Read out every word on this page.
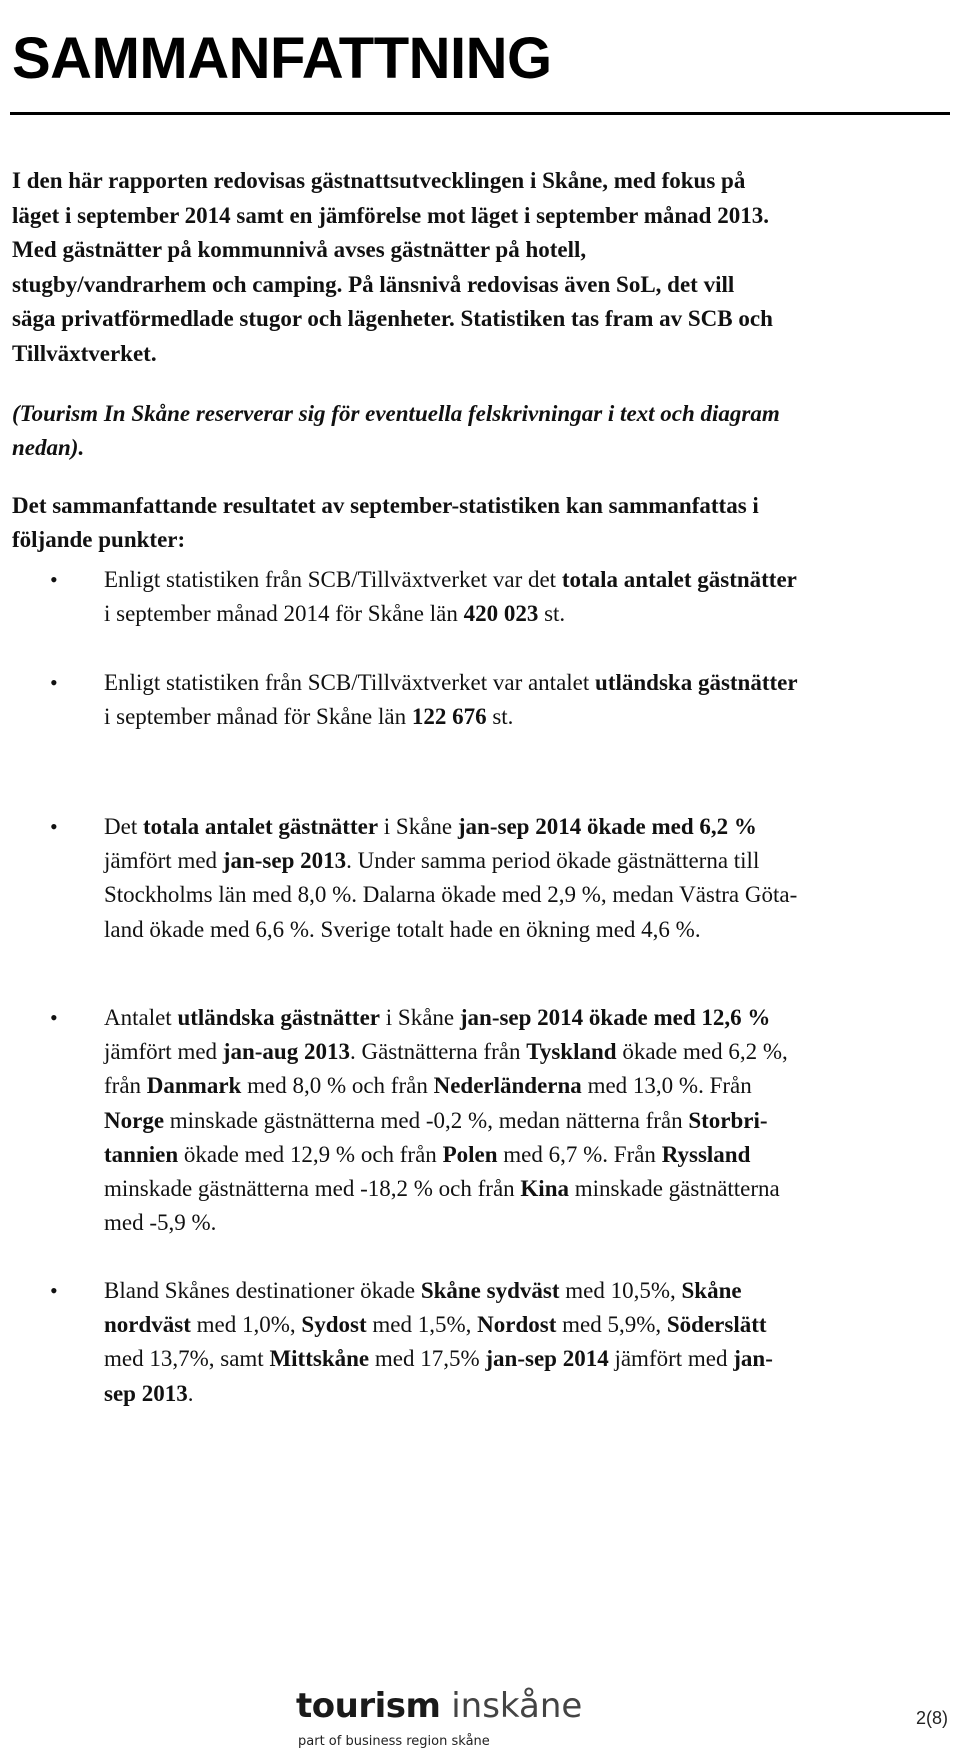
SAMMANFATTNING

I den här rapporten redovisas gästnattsutvecklingen i Skåne, med fokus på
läget i september 2014 samt en jämförelse mot läget i september månad 2013.
Med gästnätter på kommunnivå avses gästnätter på hotell,
stugby/vandrarhem och camping. På länsnivå redovisas även SoL, det vill
säga privatförmedlade stugor och lägenheter. Statistiken tas fram av SCB och
Tillväxtverket.

(Tourism In Skåne reserverar sig för eventuella felskrivningar i text och diagram
nedan).

Det sammanfattande resultatet av september-statistiken kan sammanfattas i
följande punkter:

•	Enligt statistiken från SCB/Tillväxtverket var det totala antalet gästnätter
i september månad 2014 för Skåne län 420 023 st.
•	Enligt statistiken från SCB/Tillväxtverket var antalet utländska gästnätter
i september månad för Skåne län 122 676 st.
•	Det totala antalet gästnätter i Skåne jan-sep 2014 ökade med 6,2 %
jämfört med jan-sep 2013. Under samma period ökade gästnätterna till
Stockholms län med 8,0 %. Dalarna ökade med 2,9 %, medan Västra Göta-
land ökade med 6,6 %. Sverige totalt hade en ökning med 4,6 %.
•	Antalet utländska gästnätter i Skåne jan-sep 2014 ökade med 12,6 %
jämfört med jan-aug 2013. Gästnätterna från Tyskland ökade med 6,2 %,
från Danmark med 8,0 % och från Nederländerna med 13,0 %. Från
Norge minskade gästnätterna med -0,2 %, medan nätterna från Storbri-
tannien ökade med 12,9 % och från Polen med 6,7 %. Från Ryssland
minskade gästnätterna med -18,2 % och från Kina minskade gästnätterna
med -5,9 %.
•	Bland Skånes destinationer ökade Skåne sydväst med 10,5%, Skåne
nordväst med 1,0%, Sydost med 1,5%, Nordost med 5,9%, Söderslätt
med 13,7%, samt Mittskåne med 17,5% jan-sep 2014 jämfört med jan-
sep 2013.
tourism inskåne
part of business region skåne
2(8)
